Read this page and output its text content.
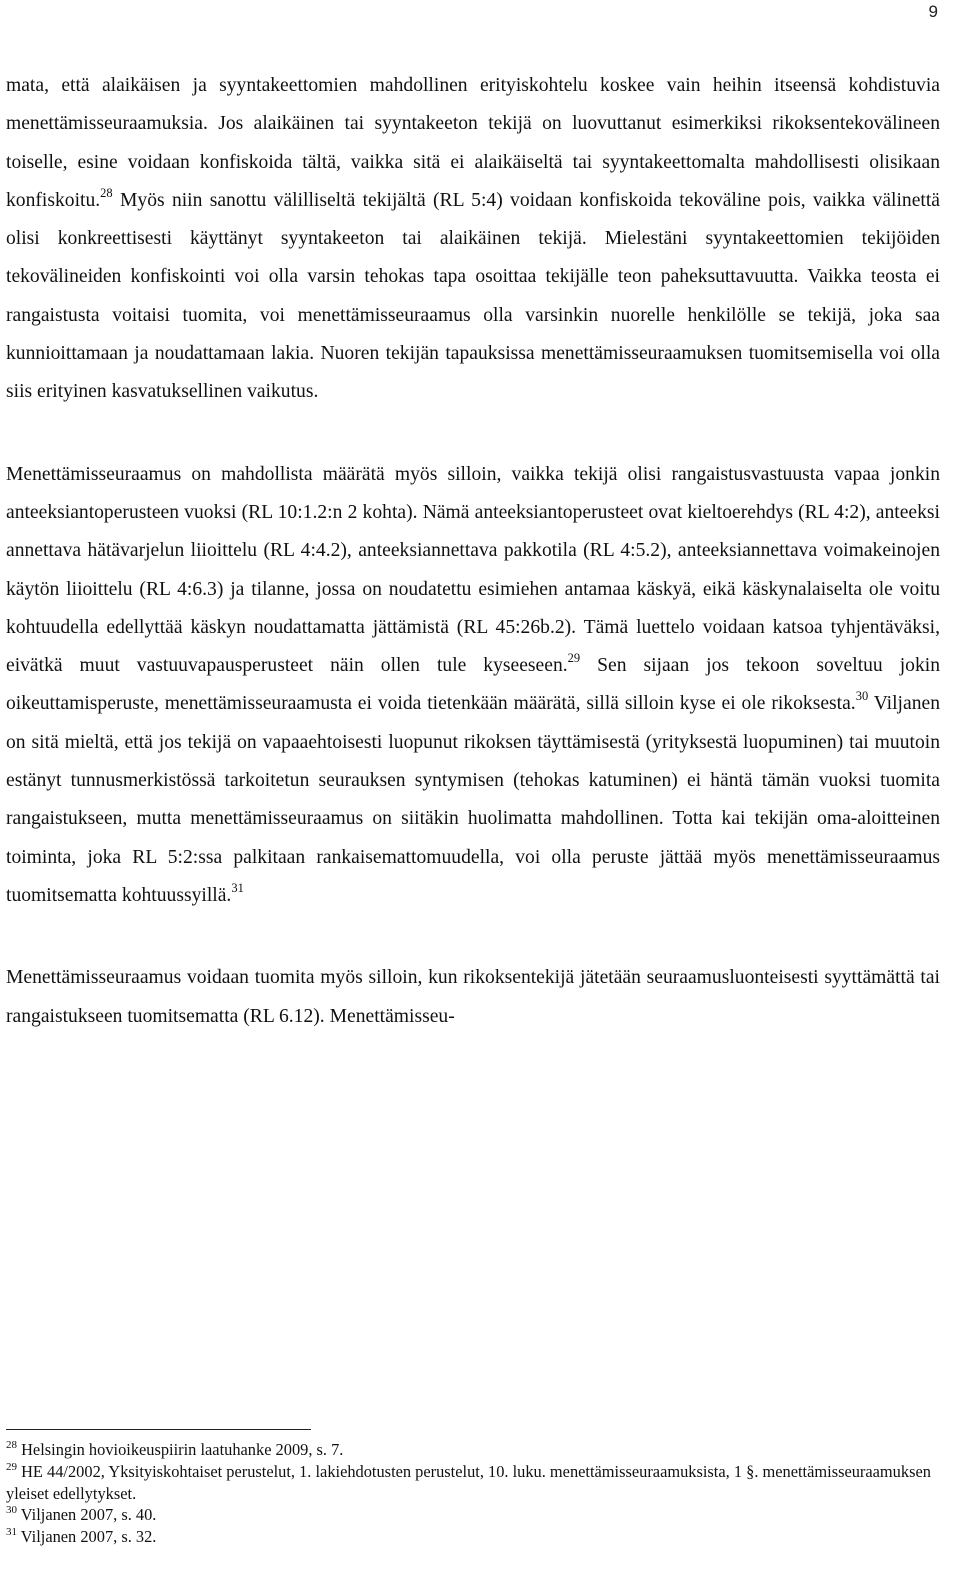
9

mata, että alaikäisen ja syyntakeettomien mahdollinen erityiskohtelu koskee vain heihin itseensä kohdistuvia menettämisseuraamuksia. Jos alaikäinen tai syyntakeeton tekijä on luovuttanut esimerkiksi rikoksentekovälineen toiselle, esine voidaan konfiskoida tältä, vaikka sitä ei alaikäiseltä tai syyntakeettomalta mahdollisesti olisikaan konfiskoitu.$^{28}$ Myös niin sanottu välilliseltä tekijältä (RL 5:4) voidaan konfiskoida tekoväline pois, vaikka välinettä olisi konkreettisesti käyttänyt syyntakeeton tai alaikäinen tekijä. Mielestäni syyntakeettomien tekijöiden tekovälineiden konfiskointi voi olla varsin tehokas tapa osoittaa tekijälle teon paheksuttavuutta. Vaikka teosta ei rangaistusta voitaisi tuomita, voi menettämisseuraamus olla varsinkin nuorelle henkilölle se tekijä, joka saa kunnioittamaan ja noudattamaan lakia. Nuoren tekijän tapauksissa menettämisseuraamuksen tuomitsemisella voi olla siis erityinen kasvatuksellinen vaikutus.

Menettämisseuraamus on mahdollista määrätä myös silloin, vaikka tekijä olisi rangaistusvastuusta vapaa jonkin anteeksiantoperusteen vuoksi (RL 10:1.2:n 2 kohta). Nämä anteeksiantoperusteet ovat kieltoerehdys (RL 4:2), anteeksi annettava hätävarjelun liioittelu (RL 4:4.2), anteeksiannettava pakkotila (RL 4:5.2), anteeksiannettava voimakeinojen käytön liioittelu (RL 4:6.3) ja tilanne, jossa on noudatettu esimiehen antamaa käskyä, eikä käskynalaiselta ole voitu kohtuudella edellyttää käskyn noudattamatta jättämistä (RL 45:26b.2). Tämä luettelo voidaan katsoa tyhjentäväksi, eivätkä muut vastuuvapausperusteet näin ollen tule kyseeseen.$^{29}$ Sen sijaan jos tekoon soveltuu jokin oikeuttamisperuste, menettämisseuraamusta ei voida tietenkään määrätä, sillä silloin kyse ei ole rikoksesta.$^{30}$ Viljanen on sitä mieltä, että jos tekijä on vapaaehtoisesti luopunut rikoksen täyttämisestä (yrityksestä luopuminen) tai muutoin estänyt tunnusmerkistössä tarkoitetun seurauksen syntymisen (tehokas katuminen) ei häntä tämän vuoksi tuomita rangaistukseen, mutta menettämisseuraamus on siitäkin huolimatta mahdollinen. Totta kai tekijän oma-aloitteinen toiminta, joka RL 5:2:ssa palkitaan rankaisemattomuudella, voi olla peruste jättää myös menettämisseuraamus tuomitsematta kohtuussyillä.$^{31}$

Menettämisseuraamus voidaan tuomita myös silloin, kun rikoksentekijä jätetään seuraamusluonteisesti syyttämättä tai rangaistukseen tuomitsematta (RL 6.12). Menettämisseu-

$^{28}$ Helsingin hovioikeuspiirin laatuhanke 2009, s. 7.

$^{29}$ HE 44/2002, Yksityiskohtaiset perustelut, 1. lakiehdotusten perustelut, 10. luku. menettämisseuraamuksista, 1 §. menettämisseuraamuksen yleiset edellytykset.

$^{30}$ Viljanen 2007, s. 40.

$^{31}$ Viljanen 2007, s. 32.
